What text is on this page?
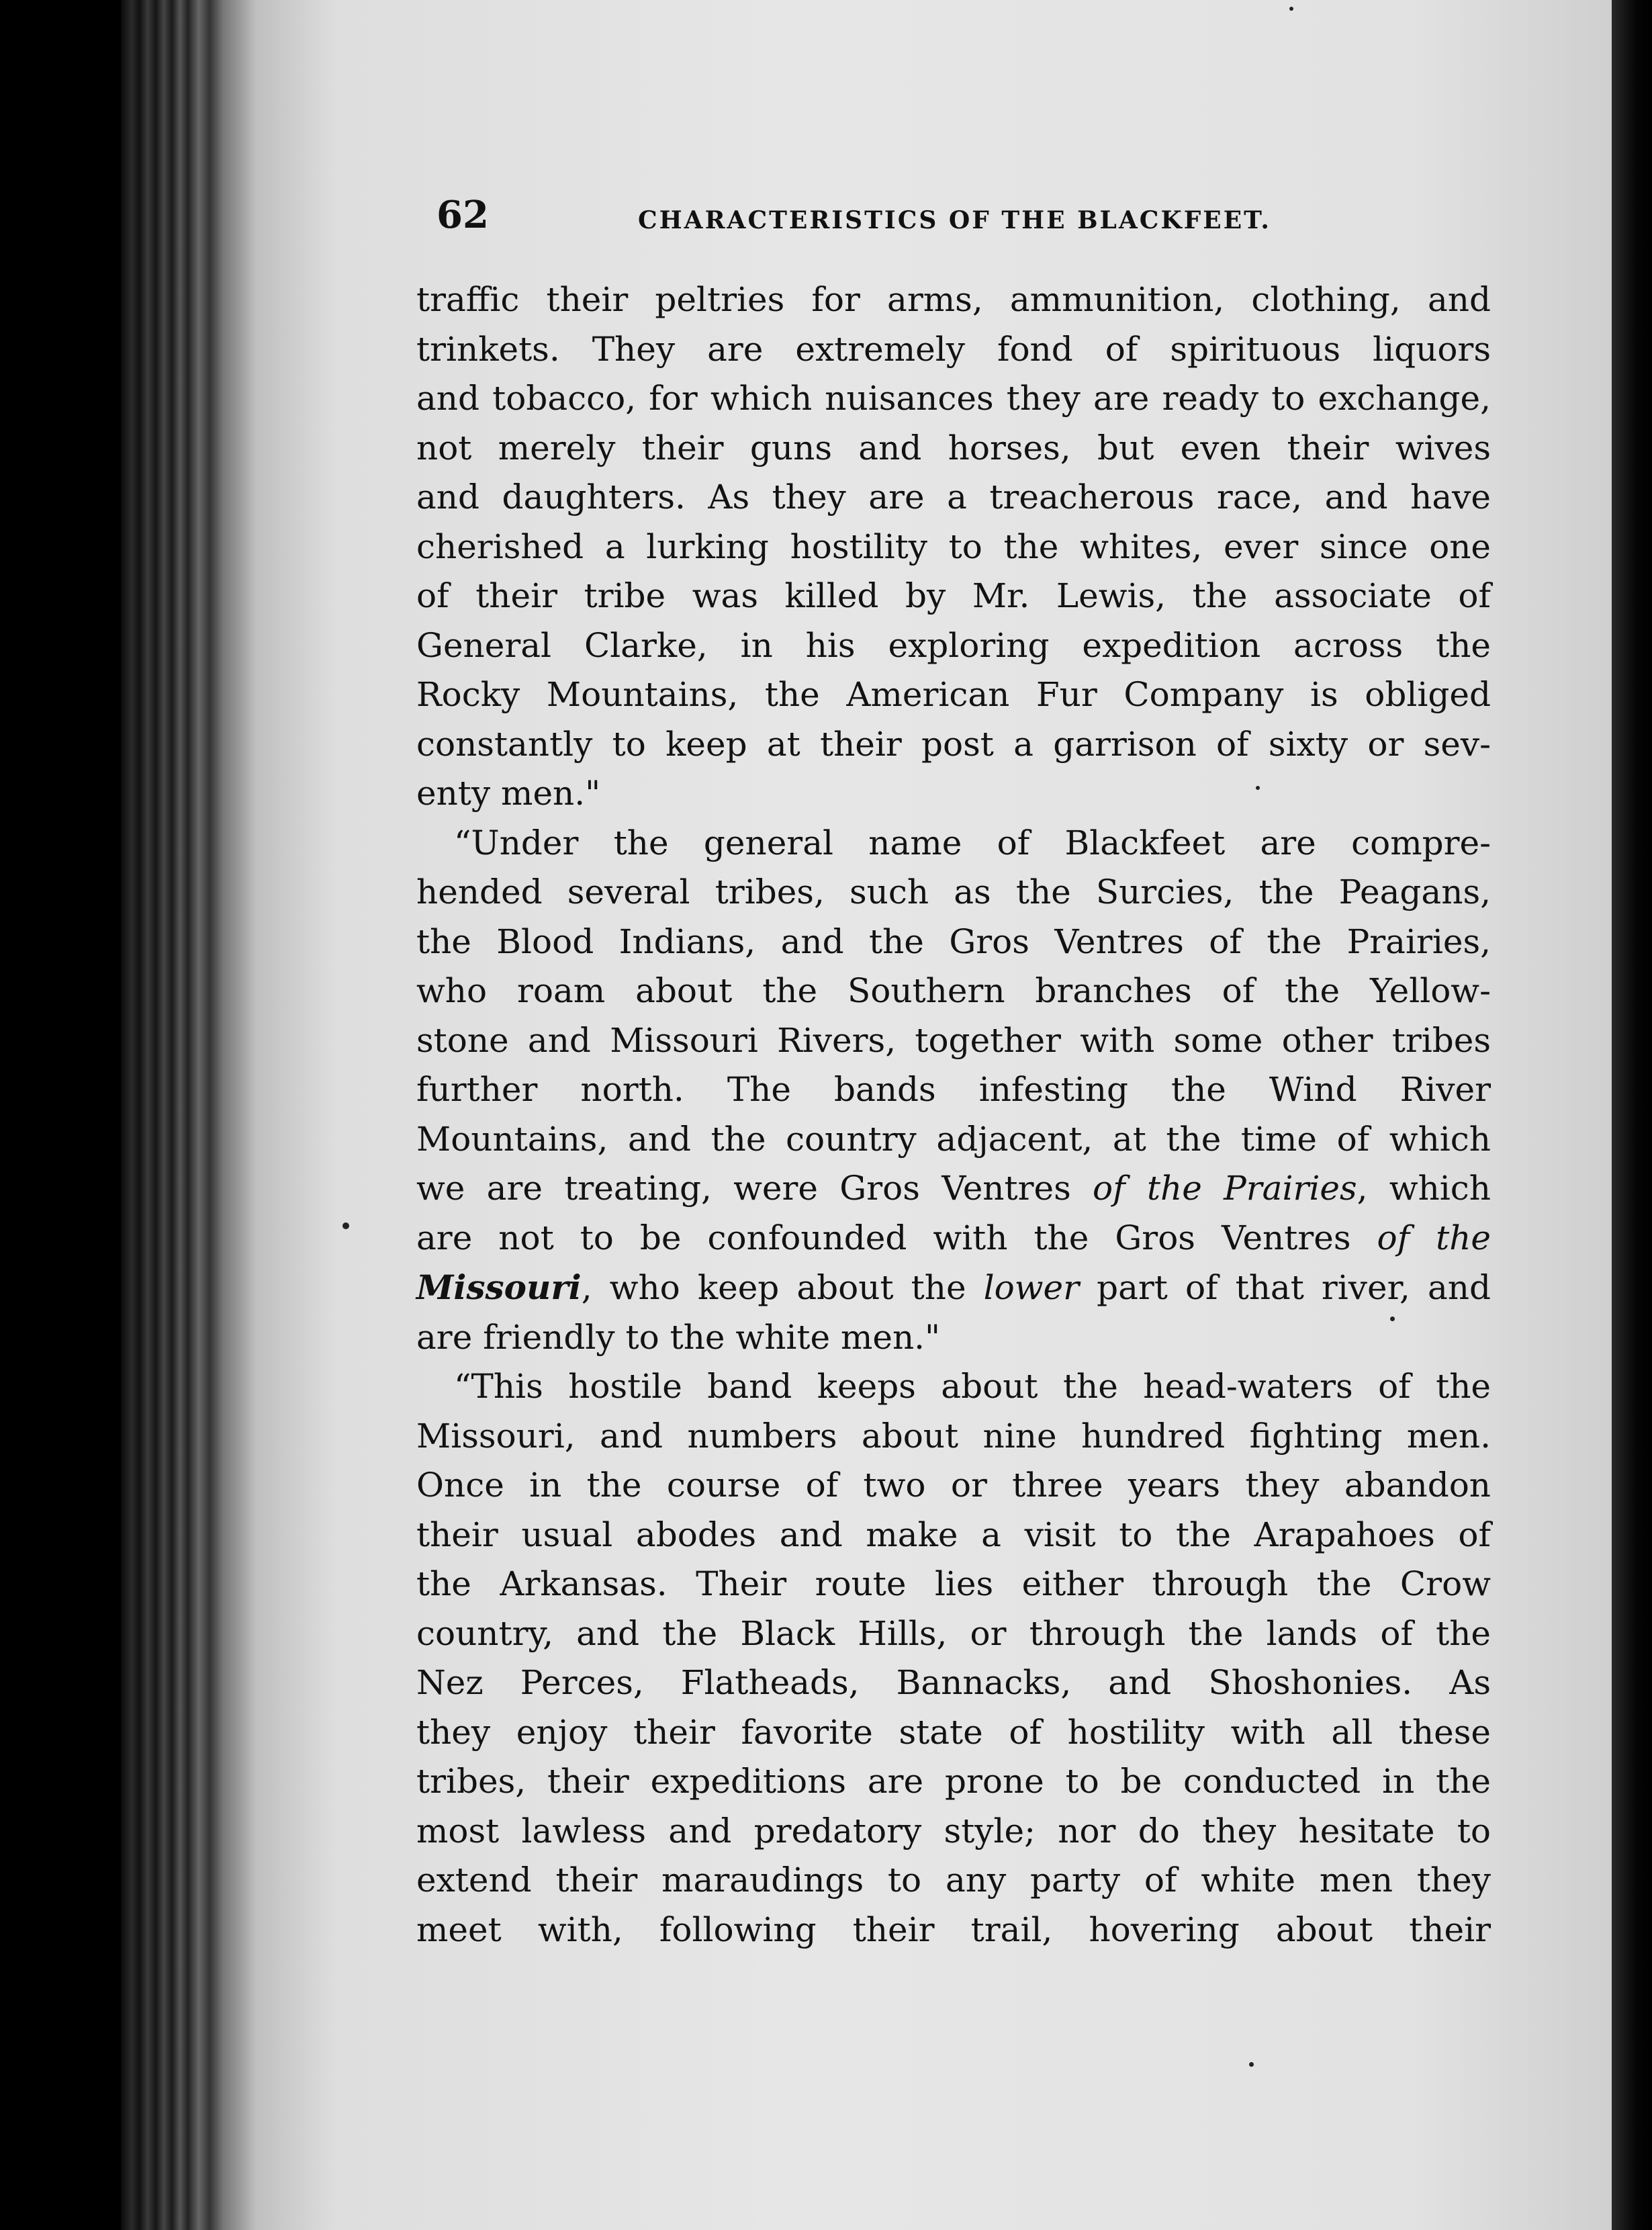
62	CHARACTERISTICS OF THE BLACKFEET.
traffic their peltries for arms, ammunition, clothing, and
trinkets. They are extremely fond of spirituous liquors
and tobacco, for which nuisances they are ready to exchange,
not merely their guns and horses, but even their wives
and daughters. As they are a treacherous race, and have
cherished a lurking hostility to the whites, ever since one
of their tribe was killed by Mr. Lewis, the associate of
General Clarke, in his exploring expedition across the
Rocky Mountains, the American Fur Company is obliged
constantly to keep at their post a garrison of sixty or sev-
enty men."
“Under the general name of Blackfeet are compre-
hended several tribes, such as the Surcies, the Peagans,
the Blood Indians, and the Gros Ventres of the Prairies,
who roam about the Southern branches of the Yellow-
stone and Missouri Rivers, together with some other tribes
further north. The bands infesting the Wind River
Mountains, and the country adjacent, at the time of which
we are treating, were Gros Ventres of the Prairies, which
are not to be confounded with the Gros Ventres of the
Missouri, who keep about the lower part of that river, and
are friendly to the white men."
“This hostile band keeps about the head-waters of the
Missouri, and numbers about nine hundred fighting men.
Once in the course of two or three years they abandon
their usual abodes and make a visit to the Arapahoes of
the Arkansas. Their route lies either through the Crow
country, and the Black Hills, or through the lands of the
Nez Perces, Flatheads, Bannacks, and Shoshonies. As
they enjoy their favorite state of hostility with all these
tribes, their expeditions are prone to be conducted in the
most lawless and predatory style; nor do they hesitate to
extend their maraudings to any party of white men they
meet with, following their trail, hovering about their
